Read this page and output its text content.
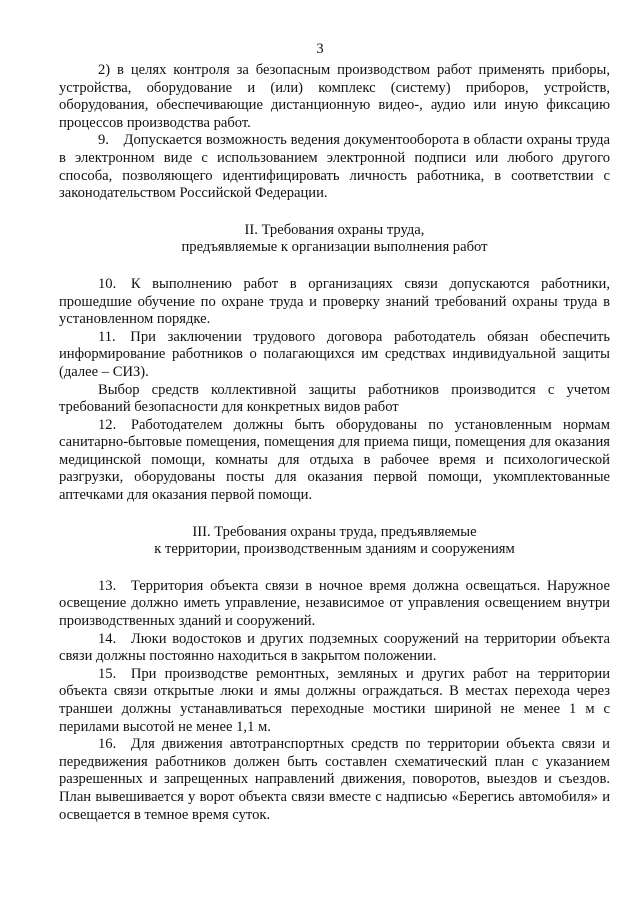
3

2) в целях контроля за безопасным производством работ применять приборы, устройства, оборудование и (или) комплекс (систему) приборов, устройств, оборудования, обеспечивающие дистанционную видео-, аудио или иную фиксацию процессов производства работ.

9. Допускается возможность ведения документооборота в области охраны труда в электронном виде с использованием электронной подписи или любого другого способа, позволяющего идентифицировать личность работника, в соответствии с законодательством Российской Федерации.

II. Требования охраны труда,
предъявляемые к организации выполнения работ

10. К выполнению работ в организациях связи допускаются работники, прошедшие обучение по охране труда и проверку знаний требований охраны труда в установленном порядке.

11. При заключении трудового договора работодатель обязан обеспечить информирование работников о полагающихся им средствах индивидуальной защиты (далее – СИЗ).

Выбор средств коллективной защиты работников производится с учетом требований безопасности для конкретных видов работ

12. Работодателем должны быть оборудованы по установленным нормам санитарно-бытовые помещения, помещения для приема пищи, помещения для оказания медицинской помощи, комнаты для отдыха в рабочее время и психологической разгрузки, оборудованы посты для оказания первой помощи, укомплектованные аптечками для оказания первой помощи.

III. Требования охраны труда, предъявляемые
к территории, производственным зданиям и сооружениям

13. Территория объекта связи в ночное время должна освещаться. Наружное освещение должно иметь управление, независимое от управления освещением внутри производственных зданий и сооружений.

14. Люки водостоков и других подземных сооружений на территории объекта связи должны постоянно находиться в закрытом положении.

15. При производстве ремонтных, земляных и других работ на территории объекта связи открытые люки и ямы должны ограждаться. В местах перехода через траншеи должны устанавливаться переходные мостики шириной не менее 1 м с перилами высотой не менее 1,1 м.

16. Для движения автотранспортных средств по территории объекта связи и передвижения работников должен быть составлен схематический план с указанием разрешенных и запрещенных направлений движения, поворотов, выездов и съездов. План вывешивается у ворот объекта связи вместе с надписью «Берегись автомобиля» и освещается в темное время суток.
